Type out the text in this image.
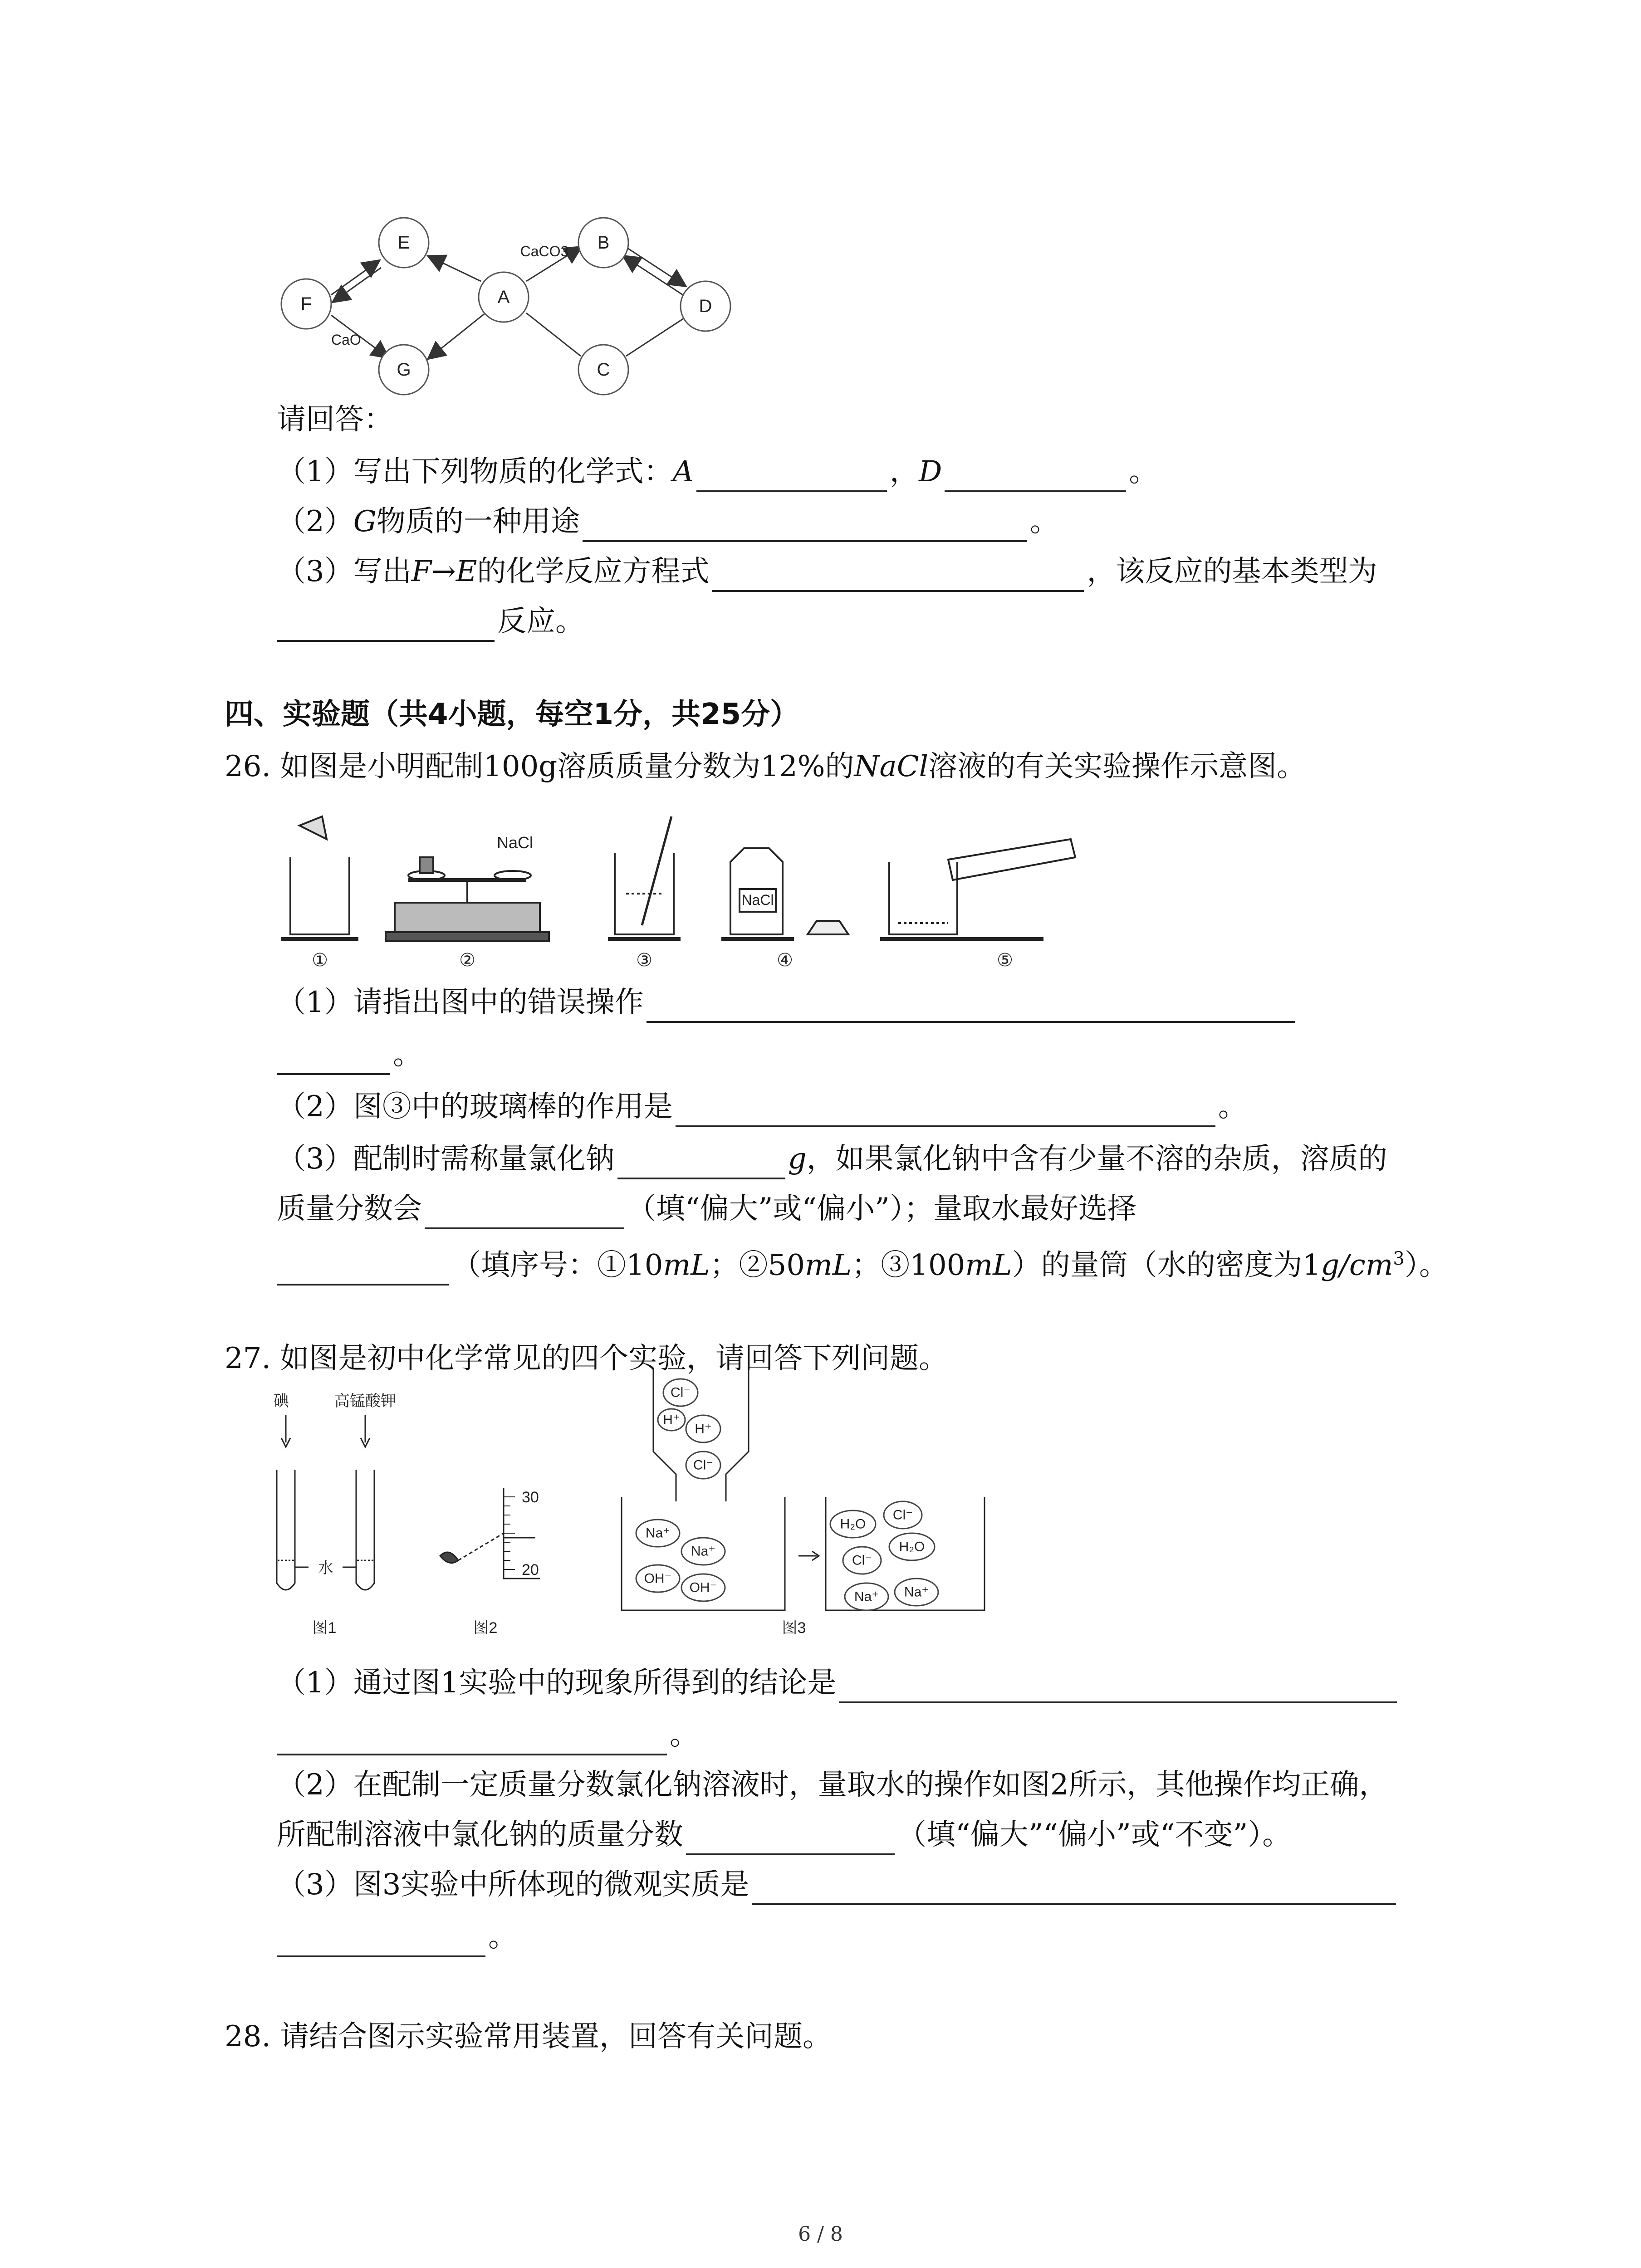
E	B
F	A	D
G	C
CaCO3
CaO
请回答：
（1）写出下列物质的化学式：A	，D	。
（2）G物质的一种用途	。
（3）写出F→E的化学反应方程式	，该反应的基本类型为
反应。
四、实验题（共4小题，每空1分，共25分）
26. 如图是小明配制100g溶质质量分数为12%的NaCl溶液的有关实验操作示意图。
NaCl
NaCl
①	②	③	④	⑤
（1）请指出图中的错误操作
。
（2）图③中的玻璃棒的作用是	。
（3）配制时需称量氯化钠	g，如果氯化钠中含有少量不溶的杂质，溶质的
质量分数会	（填“偏大”或“偏小”）；量取水最好选择
（填序号：①10mL；②50mL；③100mL）的量筒（水的密度为$1g/cm^3$）。
27. 如图是初中化学常见的四个实验，请回答下列问题。
碘	高锰酸钾
水
30
20
Cl⁻
H⁺
H⁺
Cl⁻
Na⁺
Na⁺
OH⁻
OH⁻
H₂O
Cl⁻
Cl⁻
H₂O
Na⁺ Na⁺
图1	图2	图3
（1）通过图1实验中的现象所得到的结论是
。
（2）在配制一定质量分数氯化钠溶液时，量取水的操作如图2所示，其他操作均正确，
所配制溶液中氯化钠的质量分数	（填“偏大”“偏小”或“不变”）。
（3）图3实验中所体现的微观实质是
。
28. 请结合图示实验常用装置，回答有关问题。
6 / 8
